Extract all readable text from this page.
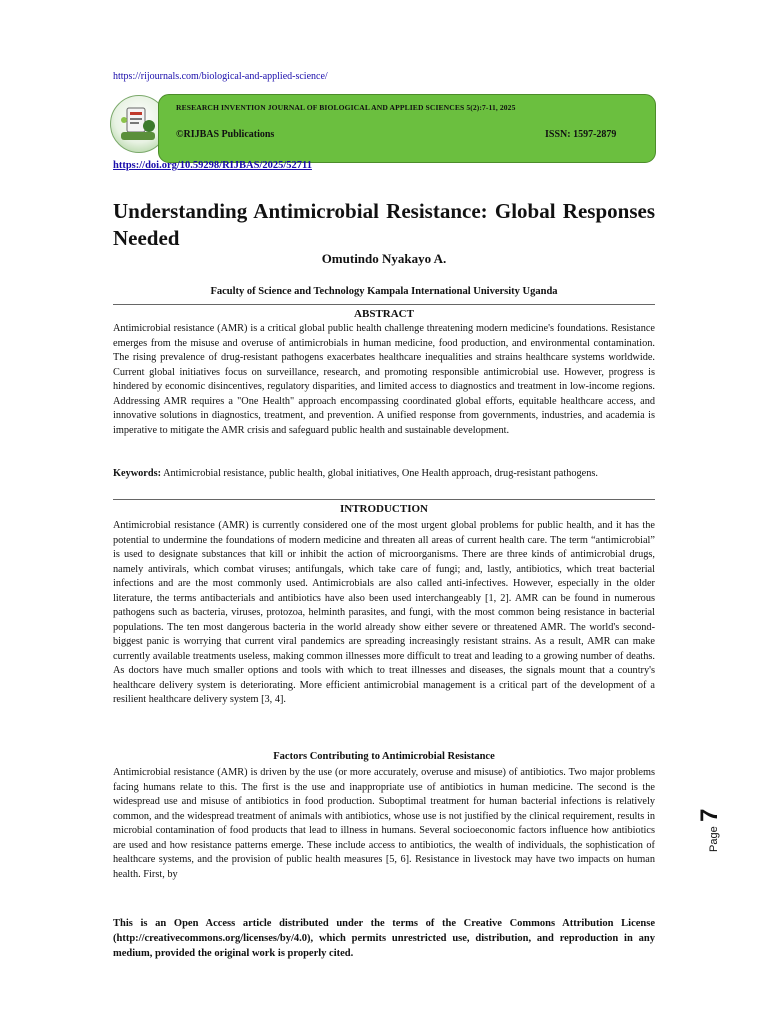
https://rijournals.com/biological-and-applied-science/
RESEARCH INVENTION JOURNAL OF BIOLOGICAL AND APPLIED SCIENCES 5(2):7-11, 2025
©RIJBAS Publications	ISSN: 1597-2879
https://doi.org/10.59298/RIJBAS/2025/52711
Understanding Antimicrobial Resistance: Global Responses Needed
Omutindo Nyakayo A.
Faculty of Science and Technology Kampala International University Uganda
ABSTRACT
Antimicrobial resistance (AMR) is a critical global public health challenge threatening modern medicine's foundations. Resistance emerges from the misuse and overuse of antimicrobials in human medicine, food production, and environmental contamination. The rising prevalence of drug-resistant pathogens exacerbates healthcare inequalities and strains healthcare systems worldwide. Current global initiatives focus on surveillance, research, and promoting responsible antimicrobial use. However, progress is hindered by economic disincentives, regulatory disparities, and limited access to diagnostics and treatment in low-income regions. Addressing AMR requires a "One Health" approach encompassing coordinated global efforts, equitable healthcare access, and innovative solutions in diagnostics, treatment, and prevention. A unified response from governments, industries, and academia is imperative to mitigate the AMR crisis and safeguard public health and sustainable development.
Keywords: Antimicrobial resistance, public health, global initiatives, One Health approach, drug-resistant pathogens.
INTRODUCTION
Antimicrobial resistance (AMR) is currently considered one of the most urgent global problems for public health, and it has the potential to undermine the foundations of modern medicine and threaten all areas of current health care. The term “antimicrobial” is used to designate substances that kill or inhibit the action of microorganisms. There are three kinds of antimicrobial drugs, namely antivirals, which combat viruses; antifungals, which take care of fungi; and, lastly, antibiotics, which treat bacterial infections and are the most commonly used. Antimicrobials are also called anti-infectives. However, especially in the older literature, the terms antibacterials and antibiotics have also been used interchangeably [1, 2]. AMR can be found in numerous pathogens such as bacteria, viruses, protozoa, helminth parasites, and fungi, with the most common being resistance in bacterial populations. The ten most dangerous bacteria in the world already show either severe or threatened AMR. The world's second-biggest panic is worrying that current viral pandemics are spreading increasingly resistant strains. As a result, AMR can make currently available treatments useless, making common illnesses more difficult to treat and leading to a growing number of deaths. As doctors have much smaller options and tools with which to treat illnesses and diseases, the signals mount that a country's healthcare delivery system is deteriorating. More efficient antimicrobial management is a critical part of the development of a resilient healthcare delivery system [3, 4].
Factors Contributing to Antimicrobial Resistance
Antimicrobial resistance (AMR) is driven by the use (or more accurately, overuse and misuse) of antibiotics. Two major problems facing humans relate to this. The first is the use and inappropriate use of antibiotics in human medicine. The second is the widespread use and misuse of antibiotics in food production. Suboptimal treatment for human bacterial infections is relatively common, and the widespread treatment of animals with antibiotics, whose use is not justified by the clinical requirement, results in microbial contamination of food products that lead to illness in humans. Several socioeconomic factors influence how antibiotics are used and how resistance patterns emerge. These include access to antibiotics, the wealth of individuals, the sophistication of healthcare systems, and the provision of public health measures [5, 6]. Resistance in livestock may have two impacts on human health. First, by
This is an Open Access article distributed under the terms of the Creative Commons Attribution License (http://creativecommons.org/licenses/by/4.0), which permits unrestricted use, distribution, and reproduction in any medium, provided the original work is properly cited.
Page 7
